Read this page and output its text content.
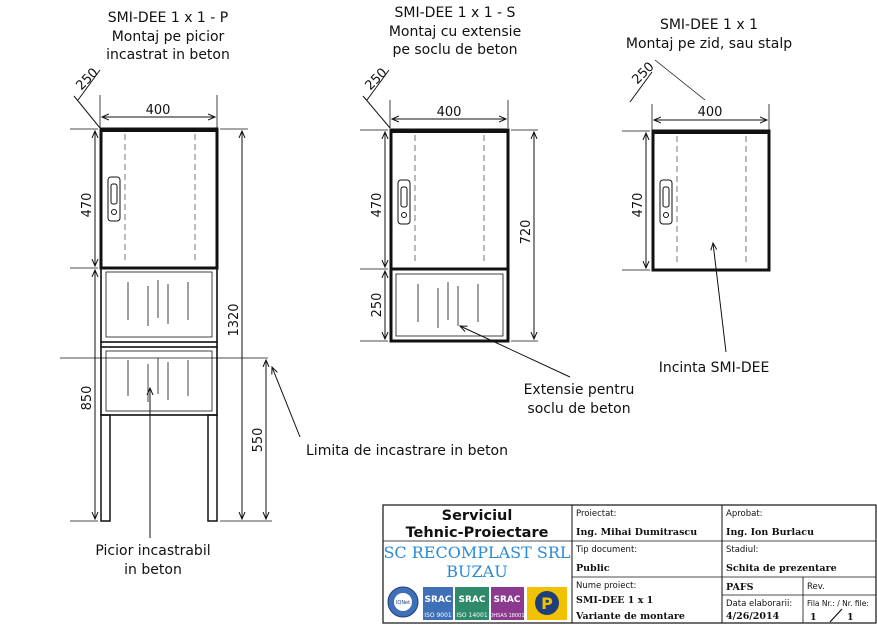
SMI-DEE 1 x 1 - P
Montaj pe picior
incastrat in beton
250
400
470
850
1320
550	Limita de incastrare in beton
Picior incastrabil
in beton
SMI-DEE 1 x 1 - S
Montaj cu extensie
pe soclu de beton
250
400
470
250
720
Extensie pentru
soclu de beton
SMI-DEE 1 x 1
Montaj pe zid, sau stalp
250
400
470
Incinta SMI-DEE
Serviciul
Tehnic-Proiectare
SC RECOMPLAST SRL
BUZAU
IQNet SRAC
ISO 9001
SRAC
ISO 14001
SRAC
OHSAS 18001
P
Proiectat:
Ing. Mihai Dumitrascu
Tip document:
Public
Nume proiect:
SMI-DEE 1 x 1
Variante de montare
Aprobat:
Ing. Ion Burlacu
Stadiul:
Schita de prezentare
PAFS	Rev.
Data elaborarii:
4/26/2014
Fila Nr.: / Nr. file:
1	1
